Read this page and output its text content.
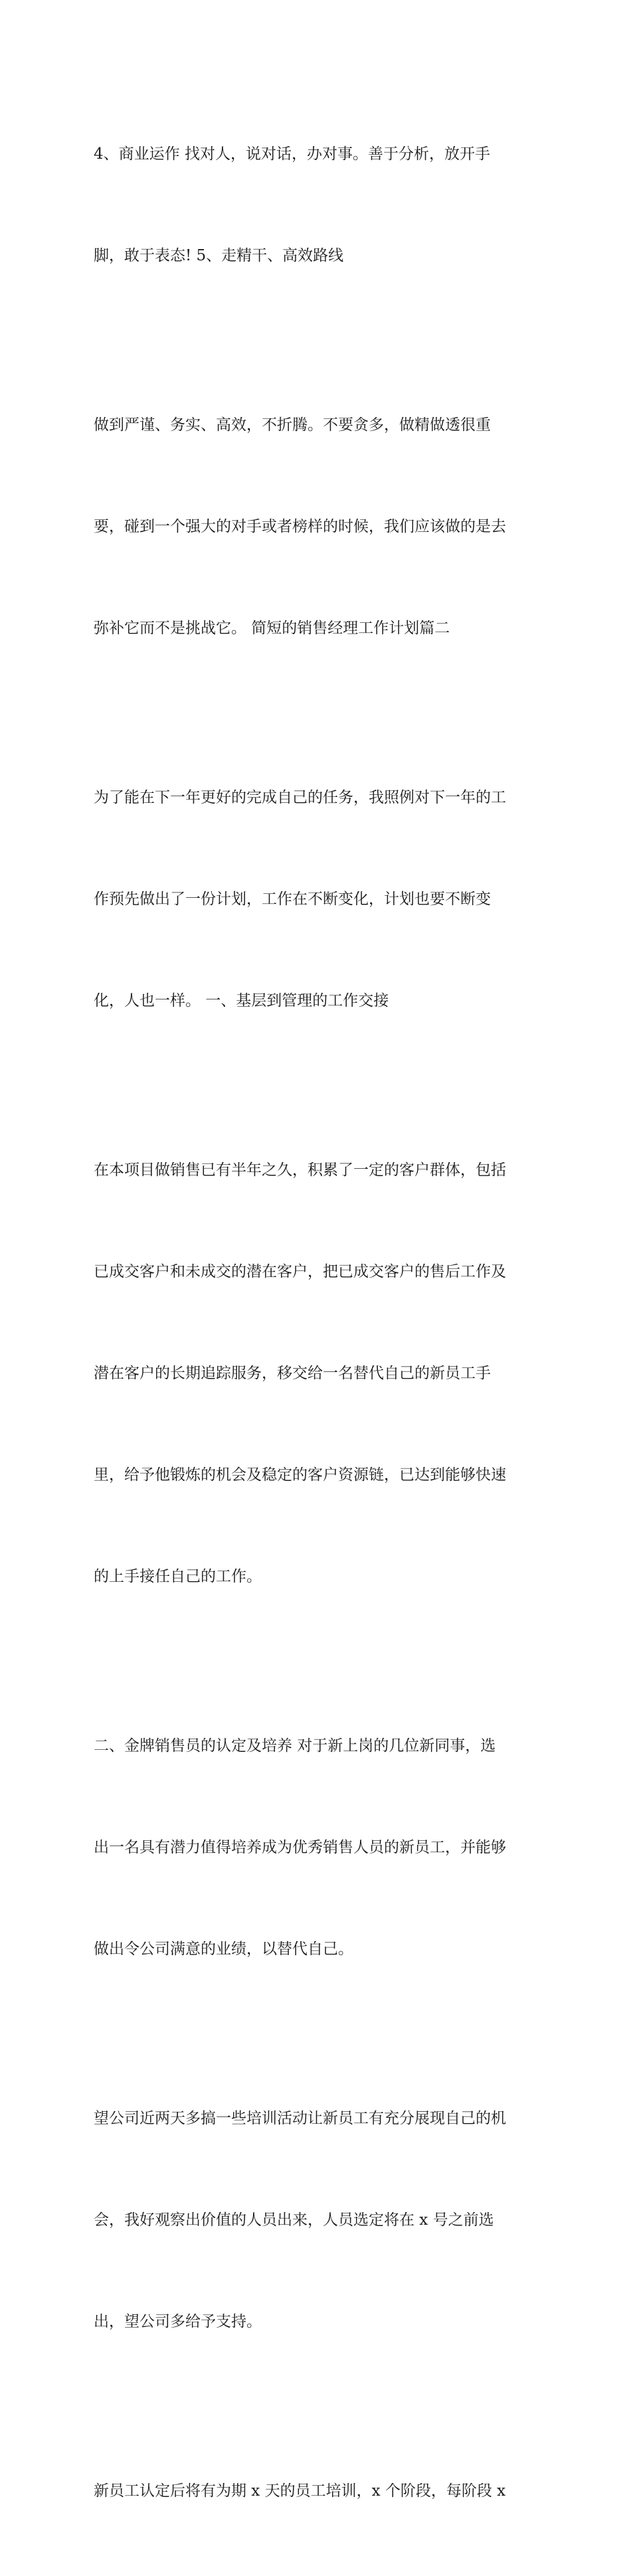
4、商业运作 找对人，说对话，办对事。善于分析，放开手

脚，敢于表态! 5、走精干、高效路线

做到严谨、务实、高效，不折腾。不要贪多，做精做透很重

要，碰到一个强大的对手或者榜样的时候，我们应该做的是去

弥补它而不是挑战它。 简短的销售经理工作计划篇二

为了能在下一年更好的完成自己的任务，我照例对下一年的工

作预先做出了一份计划，工作在不断变化，计划也要不断变

化，人也一样。 一、基层到管理的工作交接

在本项目做销售已有半年之久，积累了一定的客户群体，包括

已成交客户和未成交的潜在客户，把已成交客户的售后工作及

潜在客户的长期追踪服务，移交给一名替代自己的新员工手

里，给予他锻炼的机会及稳定的客户资源链，已达到能够快速

的上手接任自己的工作。

二、金牌销售员的认定及培养 对于新上岗的几位新同事，选

出一名具有潜力值得培养成为优秀销售人员的新员工，并能够

做出令公司满意的业绩，以替代自己。

望公司近两天多搞一些培训活动让新员工有充分展现自己的机

会，我好观察出价值的人员出来，人员选定将在 x 号之前选

出，望公司多给予支持。

新员工认定后将有为期 x 天的员工培训，x 个阶段，每阶段 x
